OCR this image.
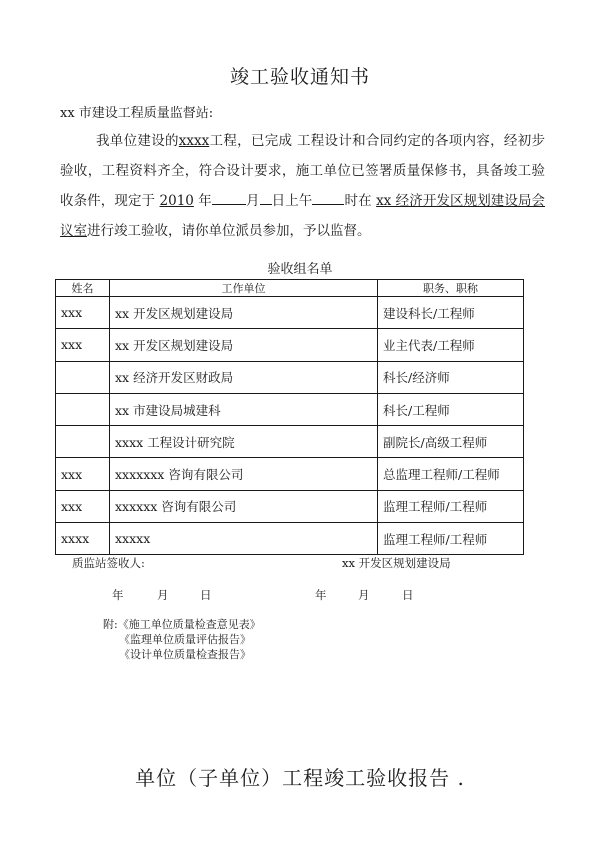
竣工验收通知书
xx 市建设工程质量监督站:
我单位建设的xxxx工程，已完成 工程设计和合同约定的各项内容，经初步验收，工程资料齐全，符合设计要求，施工单位已签署质量保修书，具备竣工验收条件，现定于 2010 年	月 日上午 时在 xx 经济开发区规划建设局会议室进行竣工验收，请你单位派员参加，予以监督。
验收组名单
姓名	工作单位	职务、职称
xxx	xx 开发区规划建设局	建设科长/工程师
xxx	xx 开发区规划建设局	业主代表/工程师
	xx 经济开发区财政局	科长/经济师
	xx 市建设局城建科	科长/工程师
	xxxx 工程设计研究院	副院长/高级工程师
xxx	xxxxxxx 咨询有限公司	总监理工程师/工程师
xxx	xxxxxx 咨询有限公司	监理工程师/工程师
xxxx	xxxxx	监理工程师/工程师
质监站签收人:	xx 开发区规划建设局
年	月	日	年	月	日
附:《施工单位质量检查意见表》
《监理单位质量评估报告》
《设计单位质量检查报告》
单位（子单位）工程竣工验收报告 .
